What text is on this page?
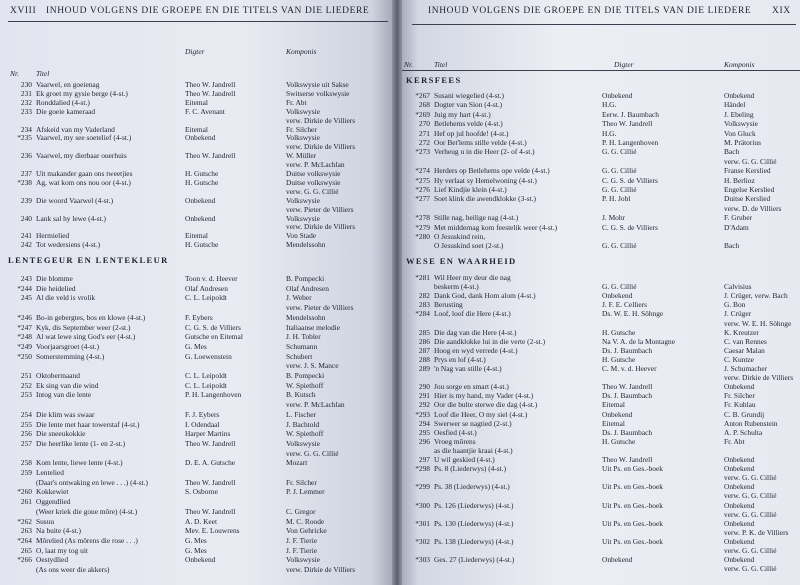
XVIII INHOUD VOLGENS DIE GROEPE EN DIE TITELS VAN DIE LIEDERE
Nr. Titel
Digter	Komponis
230 Vaarwel, en goeienag	Theo W. Jandrell	Volkswysie uit Sakse
231 Ek groet my gysie berge (4-st.)	Theo W. Jandrell	Switserse volkswysie
232 Ronddalied (4-st.)	Eitemal	Fr. Abt
233 Die goeie kameraad	F. C. Avenant	Volkswysie
verw. Dirkie de Villiers
234 Afskeid van my Vaderland	Eitemal	Fr. Silcher
*235 Vaarwel, my see soetelief (4-st.)	Onbekend	Volkswysie
verw. Dirkie de Villiers
236 Vaarwel, my dierbaar ouerhuis	Theo W. Jandrell	W. Müller
verw. P. McLachlan
237 Uit makander gaan ons tweetjies	H. Gutsche	Duitse volkswysie
*238 Ag, wat kom ons nou oor (4-st.)	H. Gutsche	Duitse volkswysie
verw. G. G. Cillié
239 Die woord Vaarwel (4-st.)	Onbekend	Volkswysie
verw. Pieter de Villiers
240 Lank sal hy lewe (4-st.)	Onbekend	Volkswysie
verw. Dirkie de Villiers
241 Hermielied	Eitemal	Von Stade
242 Tot wedersiens (4-st.)	H. Gutsche	Mendelssohn
LENTEGEUR EN LENTEKLEUR
243 Die blomme	Toon v. d. Heever	B. Pompecki
*244 Die heidelied	Olaf Andresen	Olaf Andresen
245 Al die veld is vrolik	C. L. Leipoldt	J. Weber
verw. Pieter de Villiers
*246 Bo-in gebergtes, bos en klowe (4-st.)	F. Eybers	Mendelssohn
*247 Kyk, dis September weer (2-st.)	C. G. S. de Villiers	Italiaanse melodie
*248 Al wat lewe sing God's eer (4-st.)	Gutsche en Eitemal	J. H. Tobler
*249 Voorjaarsgroet (4-st.)	G. Mes	Schumann
*250 Somerstemming (4-st.)	G. Loewenstein	Schubert
verw. J. S. Mance
251 Oktobermaand	C. L. Leipoldt	B. Pompecki
252 Ek sing van die wind	C. L. Leipoldt	W. Spiethoff
253 Intog van die lente	P. H. Langenhoven	B. Kutsch
verw. P. McLachlan
254 Die klim was swaar	F. J. Eybers	L. Fischer
255 Die lente met haar towerstaf (4-st.)	I. Odendaal	J. Bachtold
256 Die sneeukokkie	Harper Martins	W. Spiethoff
257 Die heerlike lente (1- en 2-st.)	Theo W. Jandrell	Volkswysie
verw. G. G. Cillié
258 Kom lente, liewe lente (4-st.)	D. E. A. Gutsche	Mozart
259 Lentelied
(Daar's ontwaking en lewe . . .) (4-st.)	Theo W. Jandrell	Fr. Silcher
*260 Kokkewiet	S. Osborne	P. J. Lemmer
261 Oggendlied
(Weer kriek die goue môre) (4-st.)	Theo W. Jandrell	C. Gregor
*262 Susuu	A. D. Keet	M. C. Roode
263 Na buite (4-st.)	Mev. E. Louwrens	Von Gehricke
*264 Môrelied (As môrens die rose . . .)	G. Mes	J. F. Tierie
265 O, laat my tog uit	G. Mes	J. F. Tierie
*266 Oestydlied	Onbekend	Volkswysie
(As ons weer die akkers)	verw. Dirkie de Villiers
INHOUD VOLGENS DIE GROEPE EN DIE TITELS VAN DIE LIEDERE XIX
Nr.	Titel	Digter	Komponis
KERSFEES
*267 Susani wiegelied (4-st.)	Onbekend	Onbekend
268 Dogter van Sion (4-st.)	H.G.	Händel
*269 Juig my hart (4-st.)	Eerw. J. Baumbach	J. Ebeling
270 Betlehems velde (4-st.)	Theo W. Jandrell	Volkswysie
271 Hef op jul hoofde! (4-st.)	H.G.	Von Gluck
272 Oor Bet'lems stille velde (4-st.)	P. H. Langenhoven	M. Prätorius
*273 Verheug u in die Heer (2- of 4-st.)	G. G. Cillié	Bach
verw. G. G. Cillié
*274 Herders op Betlehems ope velde (4-st.)	G. G. Cillié	Franse Kerslied
*275 Hy verlaat sy Hemelwoning (4-st.)	C. G. S. de Villiers	H. Berlioz
*276 Lief Kindjie klein (4-st.)	G. G. Cillié	Engelse Kerslied
*277 Soet klink die awendklokke (3-st.)	P. H. Jobl	Duitse Kerslied
verw. D. de Villiers
*278 Stille nag, heilige nag (4-st.)	J. Mohr	F. Gruber
*279 Met middernag kom feestelik weer (4-st.)	C. G. S. de Villiers	D'Adam
*280 O Jesuskind rein,
O Jesuskind soet (2-st.)	G. G. Cillié	Bach
WESE EN WAARHEID
*281 Wil Heer my deur die nag
beskerm (4-st.)	G. G. Cillié	Calvisius
282 Dank God, dank Hom alom (4-st.)	Onbekend	J. Crüger, verw. Bach
283 Berusting	J. F. E. Celliers	G. Bon
*284 Loof, loof die Here (4-st.)	Ds. W. E. H. Söhnge	J. Crüger
verw. W. E. H. Söhnge
285 Die dag van die Here (4-st.)	H. Gutsche	K. Kreutzer
286 Die aandklokke lui in die verte (2-st.)	Na V. A. de la Montagne	C. van Rennes
287 Hoog en wyd verrede (4-st.)	Ds. J. Baumbach	Caesar Malan
288 Prys en lof (4-st.)	H. Gutsche	C. Kuntze
289 'n Nag van stille (4-st.)	C. M. v. d. Heever	J. Schumacher
verw. Dirkie de Villiers
290 Jou sorge en smart (4-st.)	Theo W. Jandrell	Onbekend
291 Hier is my hand, my Vader (4-st.)	Ds. J. Baumbach	Fr. Silcher
292 Oor die bulte sterwe die dag (4-st.)	Eitemal	Fr. Kuhlau
*293 Loof die Heer, O my siel (4-st.)	Onbekend	C. B. Grundij
294 Swerwer se nagtied (2-st.)	Eitemal	Anton Rubenstein
295 Oesfied (4-st.)	Ds. J. Baumbach	A. P. Schulta
296 Vroeg môrens	H. Gutsche	Fr. Abt
as die haantjie kraai (4-st.)
297 U wil geskied (4-st.)	Theo W. Jandrell	Onbekend
*298 Ps. 8 (Liederwys) (4-st.)	Uit Ps. en Ges.-boek	Onbekend
verw. G. G. Cillié
*299 Ps. 38 (Liederwys) (4-st.)	Uit Ps. en Ges.-boek	Onbekend
verw. G. G. Cillié
*300 Ps. 126 (Liederwys) (4-st.)	Uit Ps. en Ges.-boek	Onbekend
verw. G. G. Cillié
*301 Ps. 130 (Liederwys) (4-st.)	Uit Ps. en Ges.-boek	Onbekend
verw. P. K. de Villiers
*302 Ps. 138 (Liederwys) (4-st.)	Uit Ps. en Ges.-boek	Onbekend
verw. G. G. Cillié
*303 Ges. 27 (Liederwys) (4-st.)	Onbekend	Onbekend
verw. G. G. Cillié
